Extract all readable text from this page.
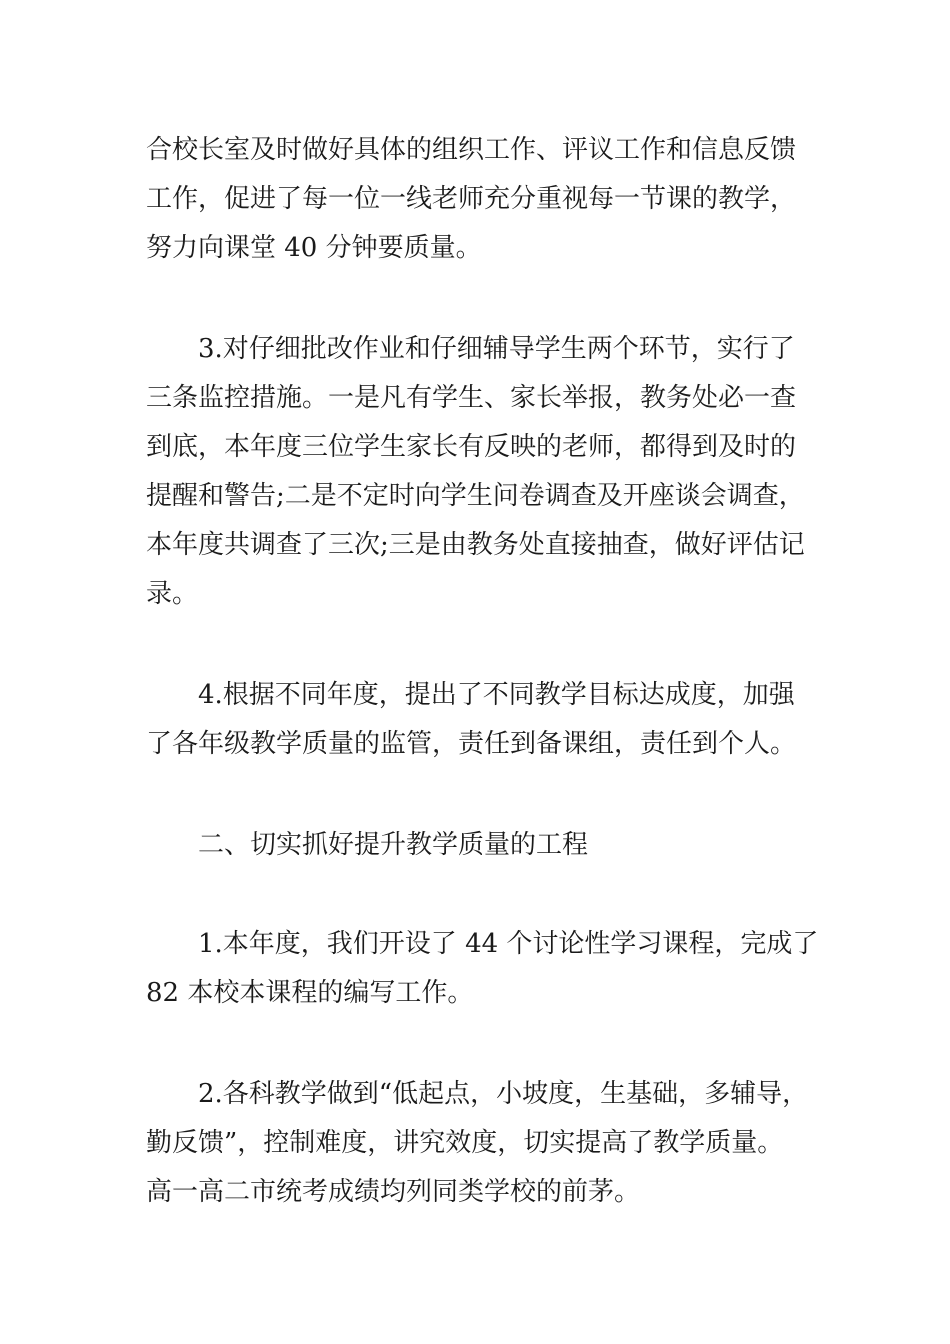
合校长室及时做好具体的组织工作、评议工作和信息反馈
工作，促进了每一位一线老师充分重视每一节课的教学，
努力向课堂 40 分钟要质量。
3.对仔细批改作业和仔细辅导学生两个环节，实行了
三条监控措施。一是凡有学生、家长举报，教务处必一查
到底，本年度三位学生家长有反映的老师，都得到及时的
提醒和警告;二是不定时向学生问卷调查及开座谈会调查，
本年度共调查了三次;三是由教务处直接抽查，做好评估记
录。
4.根据不同年度，提出了不同教学目标达成度，加强
了各年级教学质量的监管，责任到备课组，责任到个人。
二、切实抓好提升教学质量的工程
1.本年度，我们开设了 44 个讨论性学习课程，完成了
82 本校本课程的编写工作。
2.各科教学做到“低起点，小坡度，生基础，多辅导，
勤反馈”，控制难度，讲究效度，切实提高了教学质量。
高一高二市统考成绩均列同类学校的前茅。
